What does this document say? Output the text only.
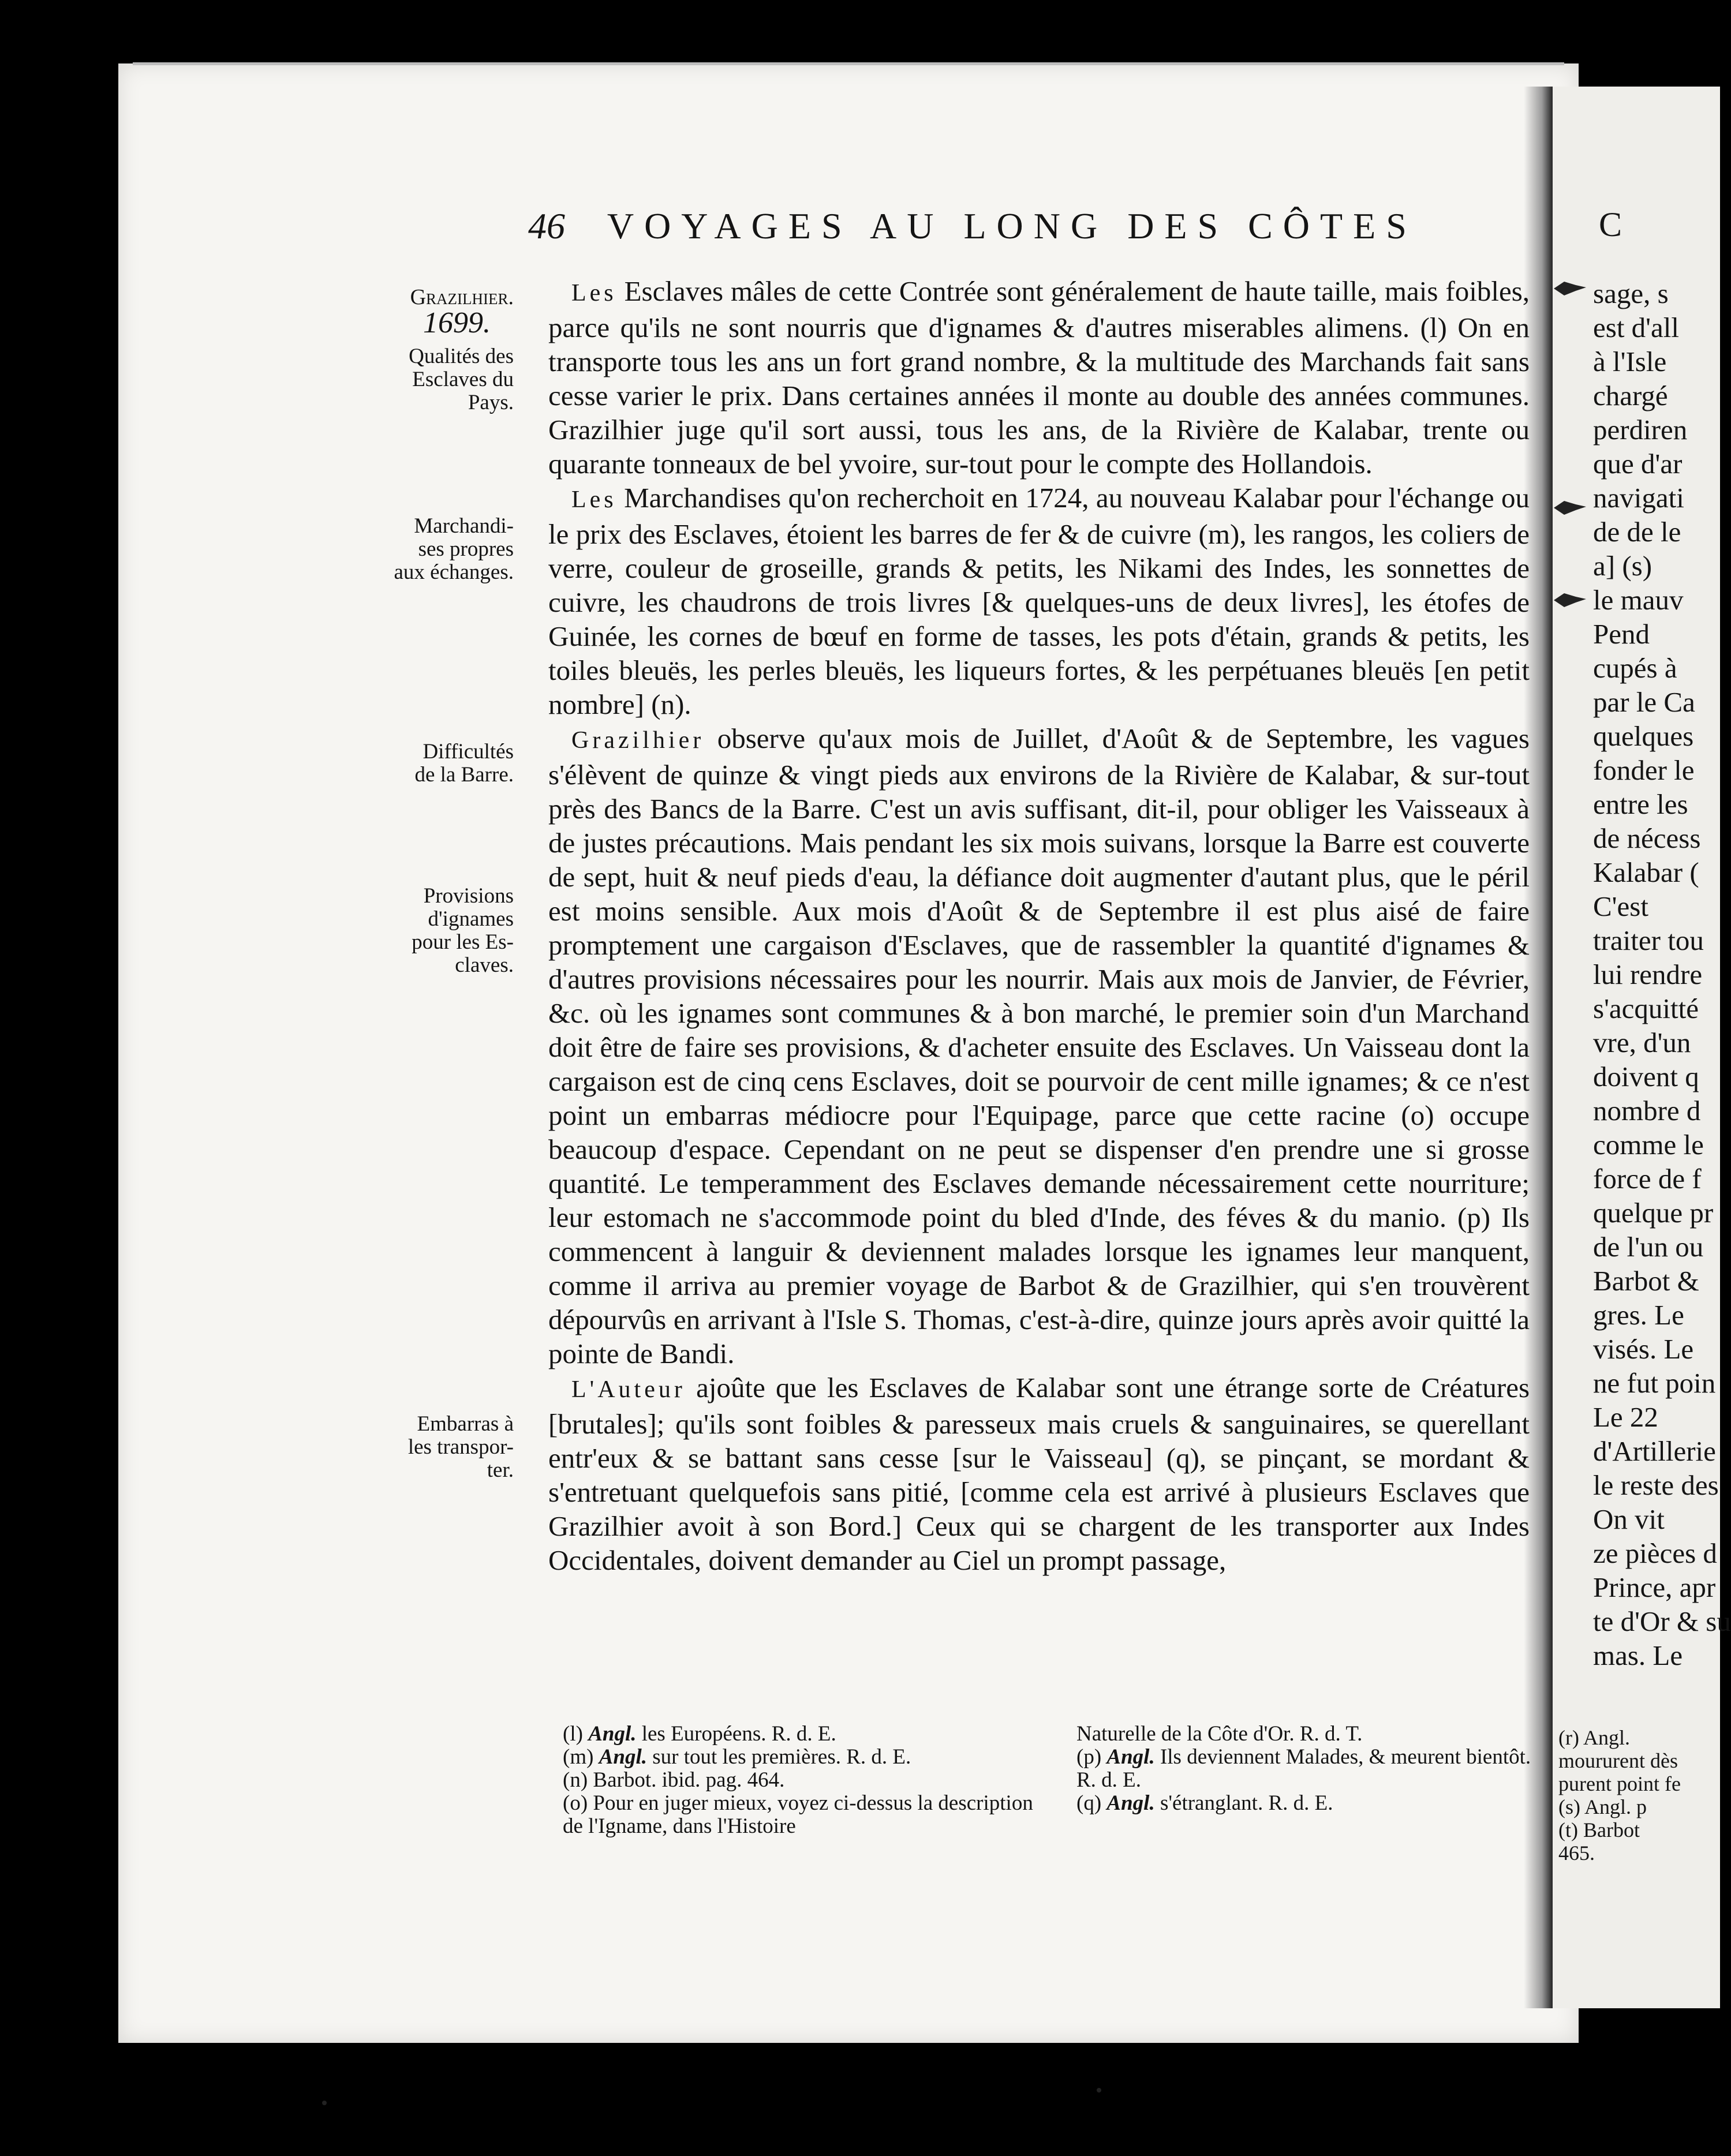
46 VOYAGES AU LONG DES CÔTES	C
Grazilhier.
1699.
Qualités des
Esclaves du
Pays.
Marchandi-
ses propres
aux échanges.
Difficultés
de la Barre.
Provisions
d'ignames
pour les Es-
claves.
Embarras à
les transpor-
ter.

Les Esclaves mâles de cette Contrée sont généralement de haute taille, mais foibles, parce qu'ils ne sont nourris que d'ignames & d'autres miserables alimens. (l) On en transporte tous les ans un fort grand nombre, & la multitude des Marchands fait sans cesse varier le prix. Dans certaines années il monte au double des années communes. Grazilhier juge qu'il sort aussi, tous les ans, de la Rivière de Kalabar, trente ou quarante tonneaux de bel yvoire, sur-tout pour le compte des Hollandois.

Les Marchandises qu'on recherchoit en 1724, au nouveau Kalabar pour l'échange ou le prix des Esclaves, étoient les barres de fer & de cuivre (m), les rangos, les coliers de verre, couleur de groseille, grands & petits, les Nikami des Indes, les sonnettes de cuivre, les chaudrons de trois livres [& quelques-uns de deux livres], les étofes de Guinée, les cornes de bœuf en forme de tasses, les pots d'étain, grands & petits, les toiles bleuës, les perles bleuës, les liqueurs fortes, & les perpétuanes bleuës [en petit nombre] (n).

Grazilhier observe qu'aux mois de Juillet, d'Août & de Septembre, les vagues s'élèvent de quinze & vingt pieds aux environs de la Rivière de Kalabar, & sur-tout près des Bancs de la Barre. C'est un avis suffisant, dit-il, pour obliger les Vaisseaux à de justes précautions. Mais pendant les six mois suivans, lorsque la Barre est couverte de sept, huit & neuf pieds d'eau, la défiance doit augmenter d'autant plus, que le péril est moins sensible. Aux mois d'Août & de Septembre il est plus aisé de faire promptement une cargaison d'Esclaves, que de rassembler la quantité d'ignames & d'autres provisions nécessaires pour les nourrir. Mais aux mois de Janvier, de Février, &c. où les ignames sont communes & à bon marché, le premier soin d'un Marchand doit être de faire ses provisions, & d'acheter ensuite des Esclaves. Un Vaisseau dont la cargaison est de cinq cens Esclaves, doit se pourvoir de cent mille ignames; & ce n'est point un embarras médiocre pour l'Equipage, parce que cette racine (o) occupe beaucoup d'espace. Cependant on ne peut se dispenser d'en prendre une si grosse quantité. Le temperamment des Esclaves demande nécessairement cette nourriture; leur estomach ne s'accommode point du bled d'Inde, des féves & du manio. (p) Ils commencent à languir & deviennent malades lorsque les ignames leur manquent, comme il arriva au premier voyage de Barbot & de Grazilhier, qui s'en trouvèrent dépourvûs en arrivant à l'Isle S. Thomas, c'est-à-dire, quinze jours après avoir quitté la pointe de Bandi.

L'Auteur ajoûte que les Esclaves de Kalabar sont une étrange sorte de Créatures [brutales]; qu'ils sont foibles & paresseux mais cruels & sanguinaires, se querellant entr'eux & se battant sans cesse [sur le Vaisseau] (q), se pinçant, se mordant & s'entretuant quelquefois sans pitié, [comme cela est arrivé à plusieurs Esclaves que Grazilhier avoit à son Bord.] Ceux qui se chargent de les transporter aux Indes Occidentales, doivent demander au Ciel un prompt passage,

(l) Angl. les Européens. R. d. E.

(m) Angl. sur tout les premières. R. d. E.

(n) Barbot. ibid. pag. 464.

(o) Pour en juger mieux, voyez ci-dessus la description de l'Igname, dans l'Histoire

Naturelle de la Côte d'Or. R. d. T.

(p) Angl. Ils deviennent Malades, & meurent bientôt. R. d. E.

(q) Angl. s'étranglant. R. d. E.

sage, s
est d'all
à l'Isle
chargé
perdiren
que d'ar
navigati
de de le
a] (s)
le mauv
Pend
cupés à
par le Ca
quelques
fonder le
entre les
de nécess
Kalabar (
C'est
traiter tou
lui rendre
s'acquitté
vre, d'un
doivent q
nombre d
comme le
force de f
quelque pr
de l'un ou
Barbot &
gres. Le
visés. Le
ne fut poin
Le 22
d'Artillerie
le reste des
On vit
ze pièces d
Prince, apr
te d'Or & su
mas. Le
(r) Angl.
moururent dès
purent point fe
(s) Angl. p
(t) Barbot
465.
